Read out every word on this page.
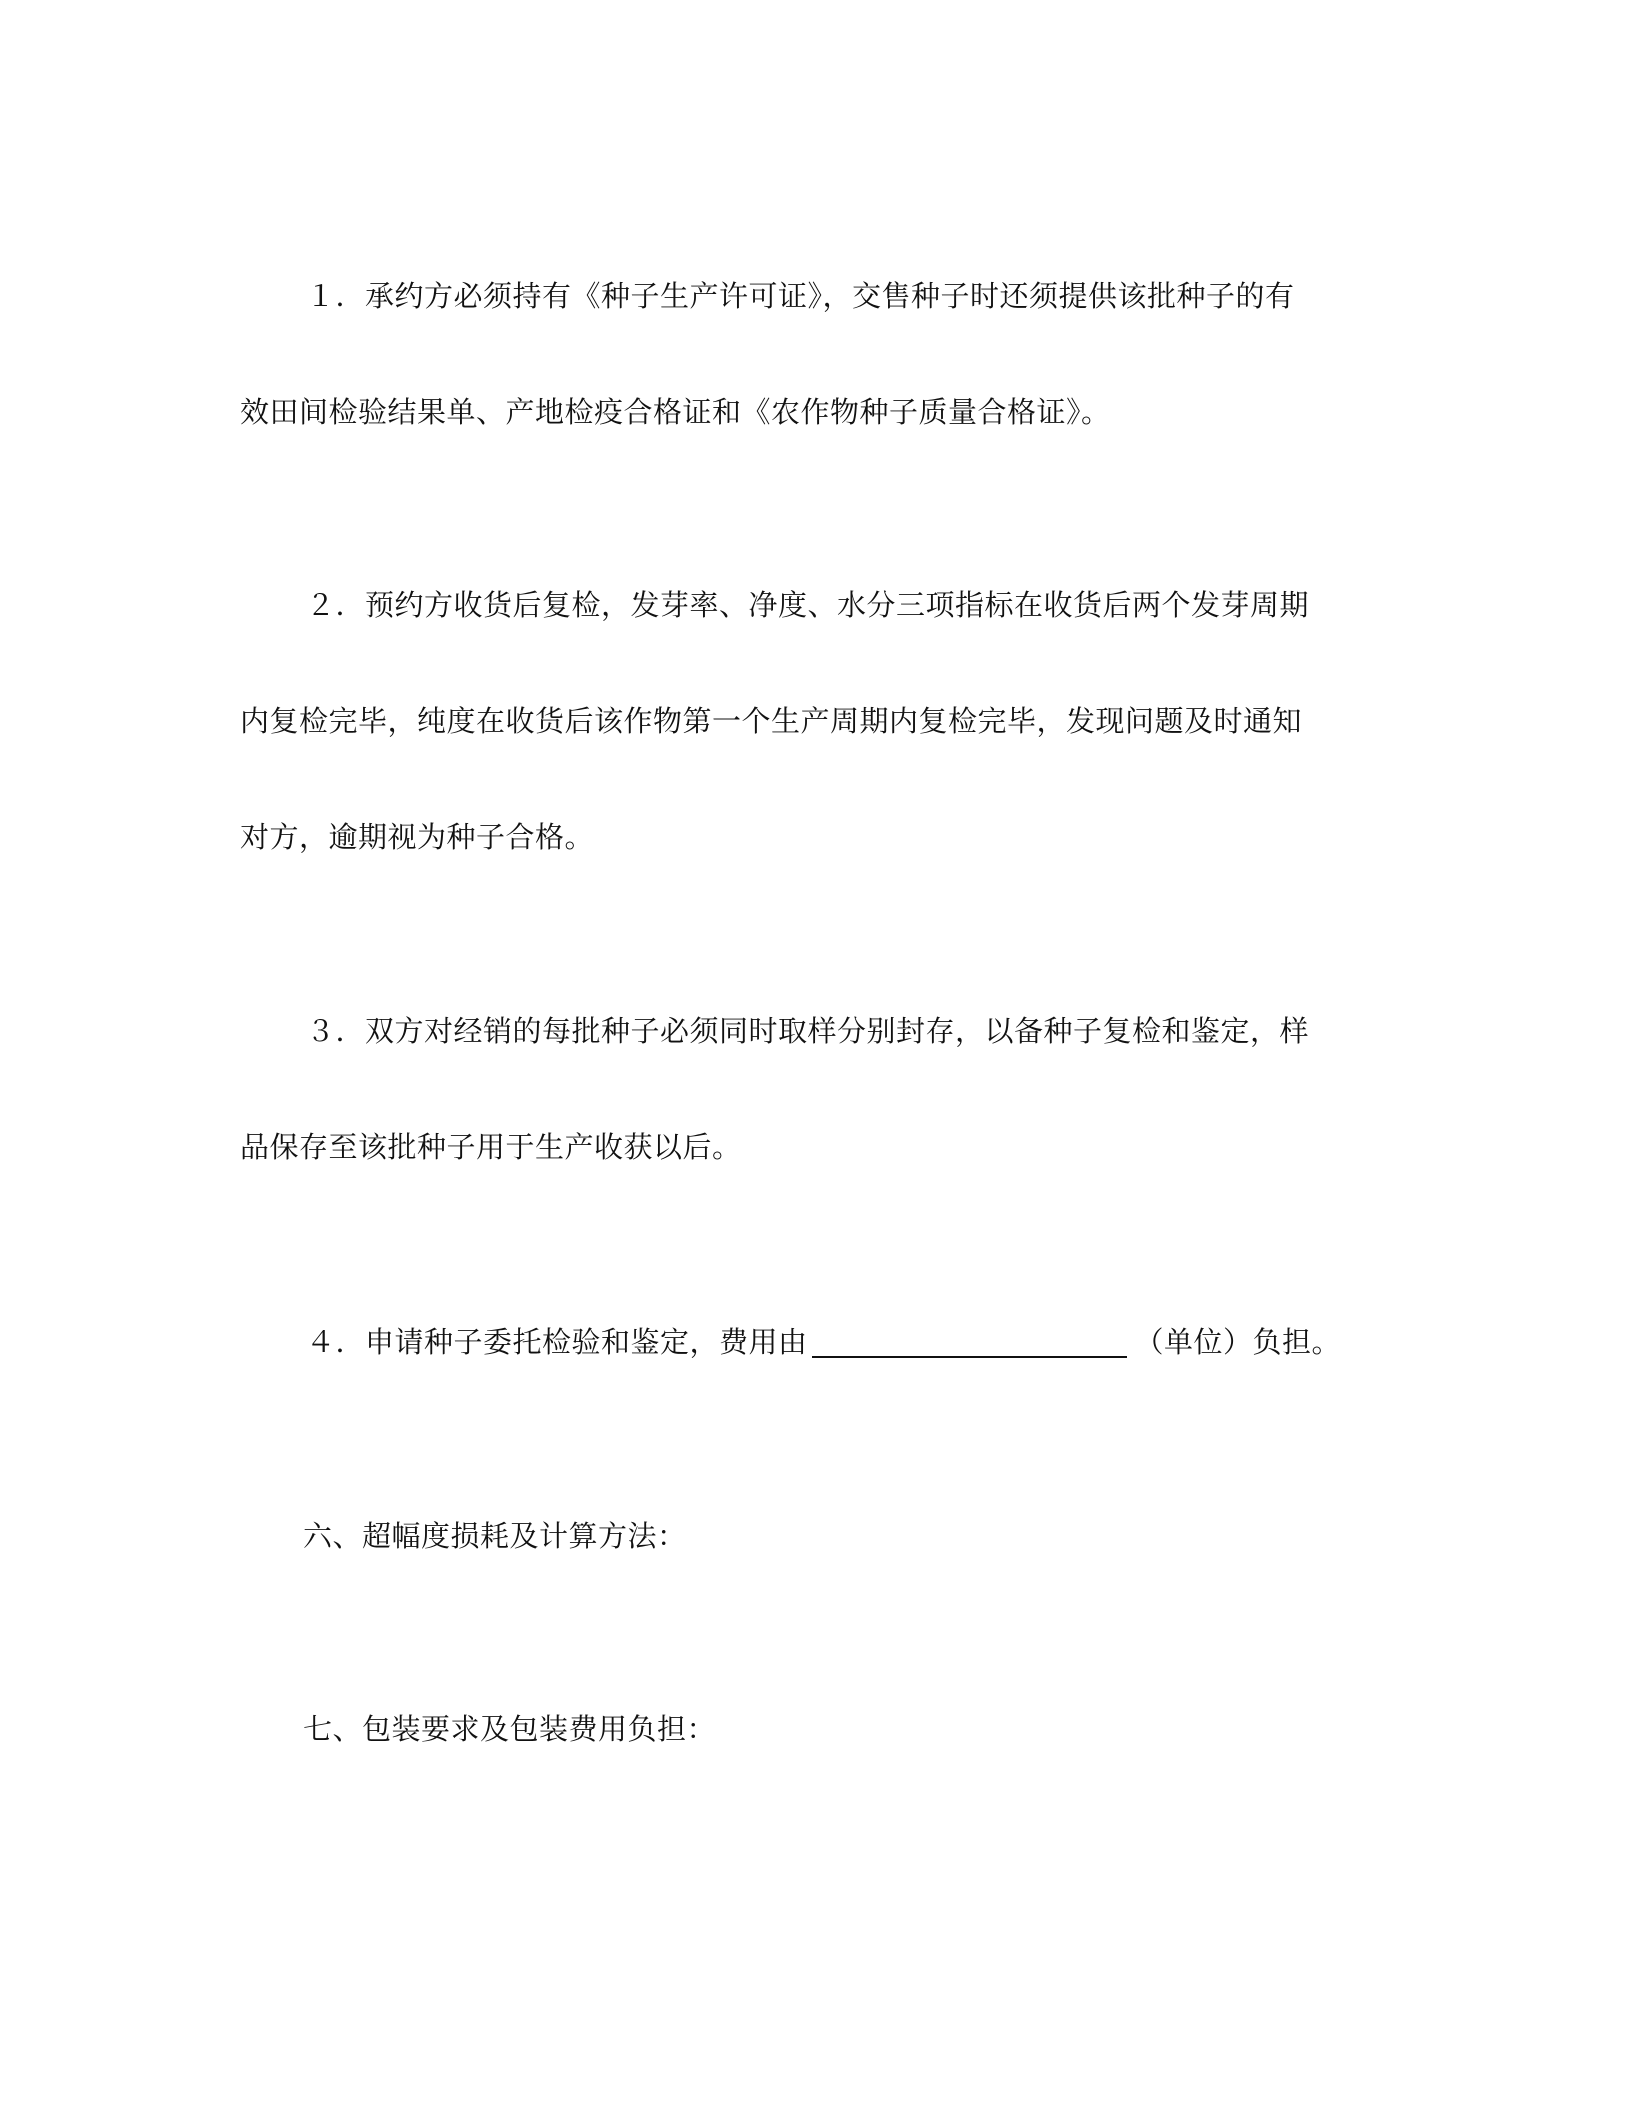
１．承约方必须持有《种子生产许可证》，交售种子时还须提供该批种子的有
效田间检验结果单、产地检疫合格证和《农作物种子质量合格证》。
２．预约方收货后复检，发芽率、净度、水分三项指标在收货后两个发芽周期
内复检完毕，纯度在收货后该作物第一个生产周期内复检完毕，发现问题及时通知
对方，逾期视为种子合格。
３．双方对经销的每批种子必须同时取样分别封存，以备种子复检和鉴定，样
品保存至该批种子用于生产收获以后。
４．申请种子委托检验和鉴定，费用由	（单位）负担。
六、超幅度损耗及计算方法：
七、包装要求及包装费用负担：
